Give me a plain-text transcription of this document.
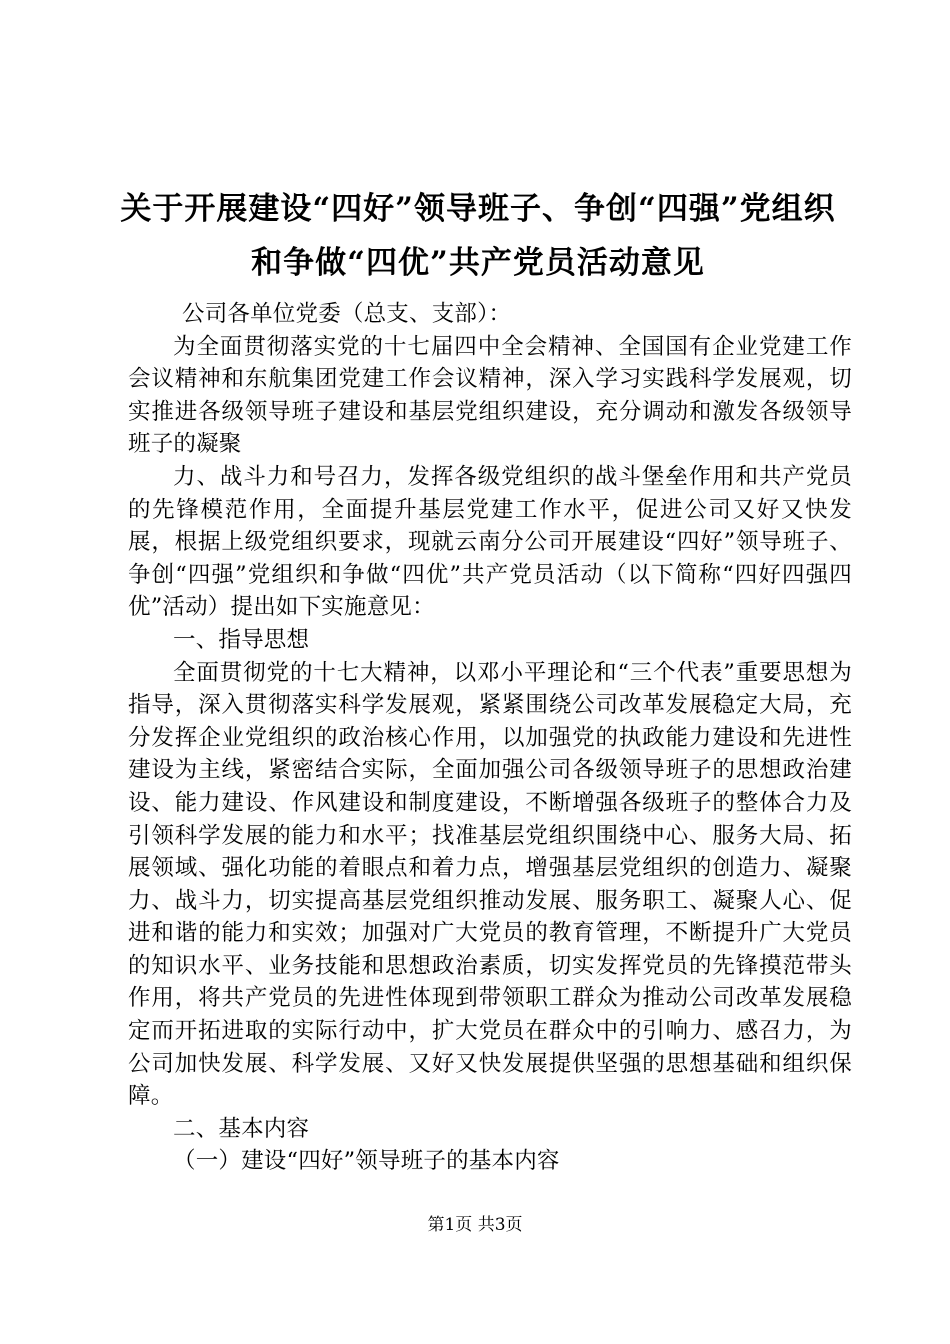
关于开展建设“四好”领导班子、争创“四强”党组织和争做“四优”共产党员活动意见

公司各单位党委（总支、支部）：

为全面贯彻落实党的十七届四中全会精神、全国国有企业党建工作会议精神和东航集团党建工作会议精神，深入学习实践科学发展观，切实推进各级领导班子建设和基层党组织建设，充分调动和激发各级领导班子的凝聚

力、战斗力和号召力，发挥各级党组织的战斗堡垒作用和共产党员的先锋模范作用，全面提升基层党建工作水平，促进公司又好又快发展，根据上级党组织要求，现就云南分公司开展建设“四好”领导班子、争创“四强”党组织和争做“四优”共产党员活动（以下简称“四好四强四优”活动）提出如下实施意见：

一、指导思想

全面贯彻党的十七大精神，以邓小平理论和“三个代表”重要思想为指导，深入贯彻落实科学发展观，紧紧围绕公司改革发展稳定大局，充分发挥企业党组织的政治核心作用，以加强党的执政能力建设和先进性建设为主线，紧密结合实际，全面加强公司各级领导班子的思想政治建设、能力建设、作风建设和制度建设，不断增强各级班子的整体合力及引领科学发展的能力和水平；找准基层党组织围绕中心、服务大局、拓展领域、强化功能的着眼点和着力点，增强基层党组织的创造力、凝聚力、战斗力，切实提高基层党组织推动发展、服务职工、凝聚人心、促进和谐的能力和实效；加强对广大党员的教育管理，不断提升广大党员的知识水平、业务技能和思想政治素质，切实发挥党员的先锋摸范带头作用，将共产党员的先进性体现到带领职工群众为推动公司改革发展稳定而开拓进取的实际行动中，扩大党员在群众中的引响力、感召力，为公司加快发展、科学发展、又好又快发展提供坚强的思想基础和组织保障。

二、基本内容

（一）建设“四好”领导班子的基本内容

第1页 共3页
